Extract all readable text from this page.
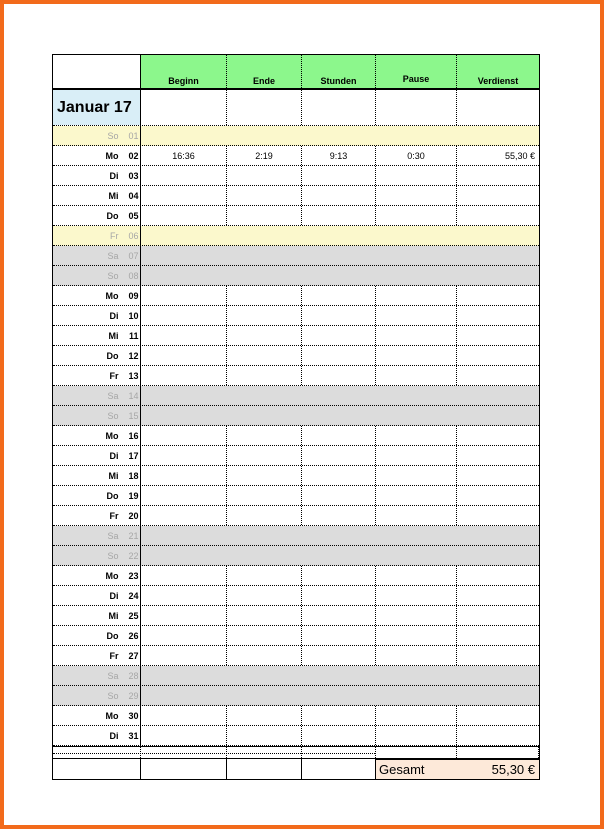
Beginn	Ende	Stunden	Pause	Verdienst
Januar 17
So	01
Mo	02	16:36	2:19	9:13	0:30	55,30 €
Di	03
Mi	04
Do	05
Fr	06
Sa	07
So	08
Mo	09
Di	10
Mi	11
Do	12
Fr	13
Sa	14
So	15
Mo	16
Di	17
Mi	18
Do	19
Fr	20
Sa	21
So	22
Mo	23
Di	24
Mi	25
Do	26
Fr	27
Sa	28
So	29
Mo	30
Di	31
Gesamt	55,30 €
